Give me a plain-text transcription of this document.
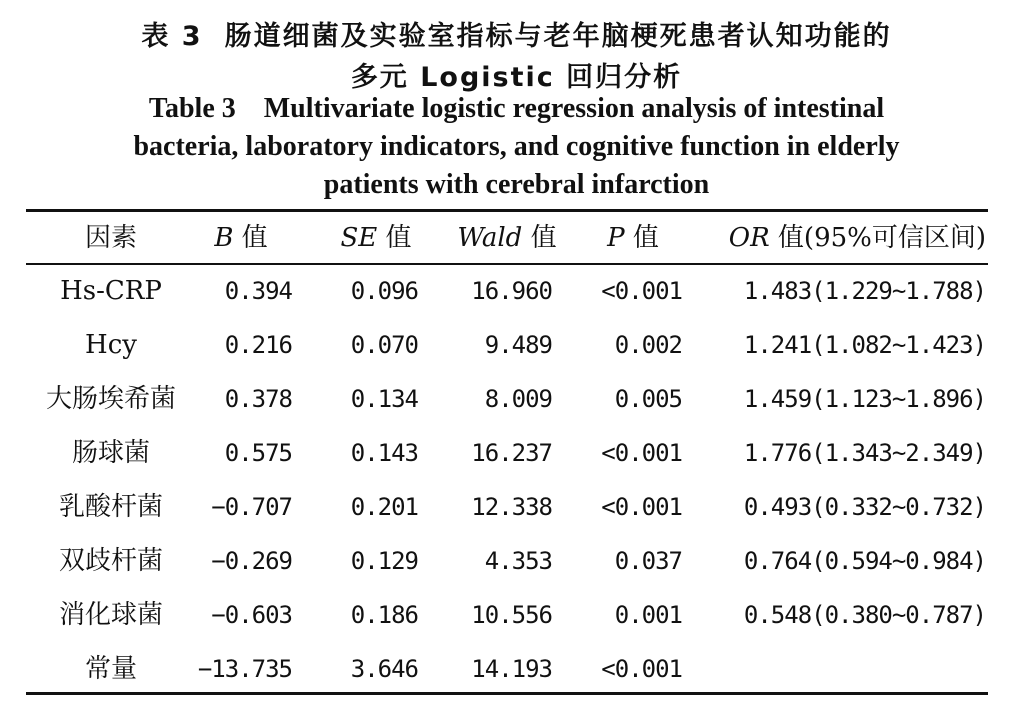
表 3 肠道细菌及实验室指标与老年脑梗死患者认知功能的
多元 Logistic 回归分析
Table 3 Multivariate logistic regression analysis of intestinal
bacteria, laboratory indicators, and cognitive function in elderly
patients with cerebral infarction
因素	B 值	SE 值	Wald 值	P 值	OR 值(95%可信区间)
Hs-CRP	0.394	0.096	16.960	<0.001	1.483(1.229~1.788)
Hcy	0.216	0.070	9.489	0.002	1.241(1.082~1.423)
大肠埃希菌	0.378	0.134	8.009	0.005	1.459(1.123~1.896)
肠球菌	0.575	0.143	16.237	<0.001	1.776(1.343~2.349)
乳酸杆菌	−0.707	0.201	12.338	<0.001	0.493(0.332~0.732)
双歧杆菌	−0.269	0.129	4.353	0.037	0.764(0.594~0.984)
消化球菌	−0.603	0.186	10.556	0.001	0.548(0.380~0.787)
常量	−13.735	3.646	14.193	<0.001
